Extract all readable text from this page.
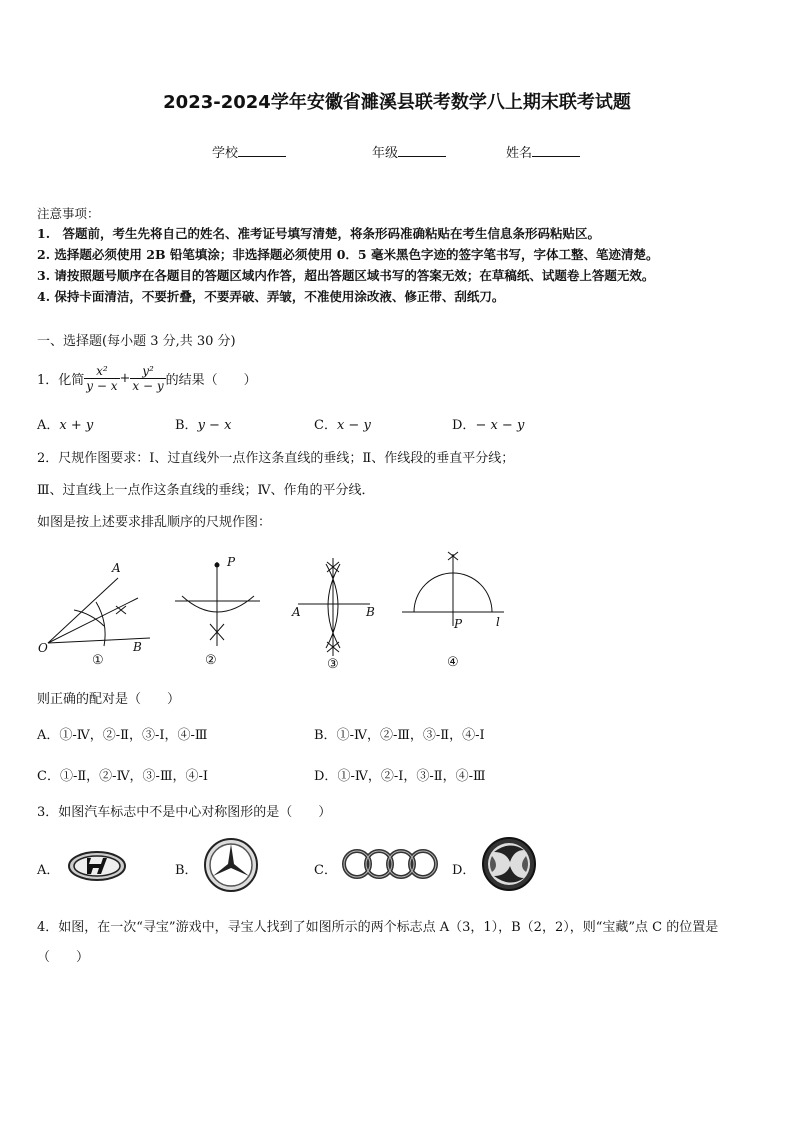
2023-2024学年安徽省濉溪县联考数学八上期末联考试题
学校	年级	姓名
注意事项：
1.　答题前，考生先将自己的姓名、准考证号填写清楚，将条形码准确粘贴在考生信息条形码粘贴区。
2. 选择题必须使用 2B 铅笔填涂；非选择题必须使用 0．5 毫米黑色字迹的签字笔书写，字体工整、笔迹清楚。
3. 请按照题号顺序在各题目的答题区域内作答，超出答题区域书写的答案无效；在草稿纸、试题卷上答题无效。
4. 保持卡面清洁，不要折叠，不要弄破、弄皱，不准使用涂改液、修正带、刮纸刀。
一、选择题(每小题 3 分,共 30 分)
1．化简 $\frac{\text{x²}}{y - x} + \frac{\text{y²}}{x - y}$ 的结果（　　）
A．x + y	B．y − x	C．x − y	D．− x − y
2．尺规作图要求：Ⅰ、过直线外一点作这条直线的垂线；Ⅱ、作线段的垂直平分线；
Ⅲ、过直线上一点作这条直线的垂线；Ⅳ、作角的平分线．
如图是按上述要求排乱顺序的尺规作图：
A
B
O
P
A	B
P	l
①	②	③	④
则正确的配对是（　　）
A．①-Ⅳ，②-Ⅱ，③-Ⅰ，④-Ⅲ	B．①-Ⅳ，②-Ⅲ，③-Ⅱ，④-Ⅰ
C．①-Ⅱ，②-Ⅳ，③-Ⅲ，④-Ⅰ	D．①-Ⅳ，②-Ⅰ，③-Ⅱ，④-Ⅲ
3．如图汽车标志中不是中心对称图形的是（　　）
A．	B．	C．	D．
4．如图，在一次“寻宝”游戏中，寻宝人找到了如图所示的两个标志点 A（3，1），B（2，2），则“宝藏”点 C 的位置是
（　　）
